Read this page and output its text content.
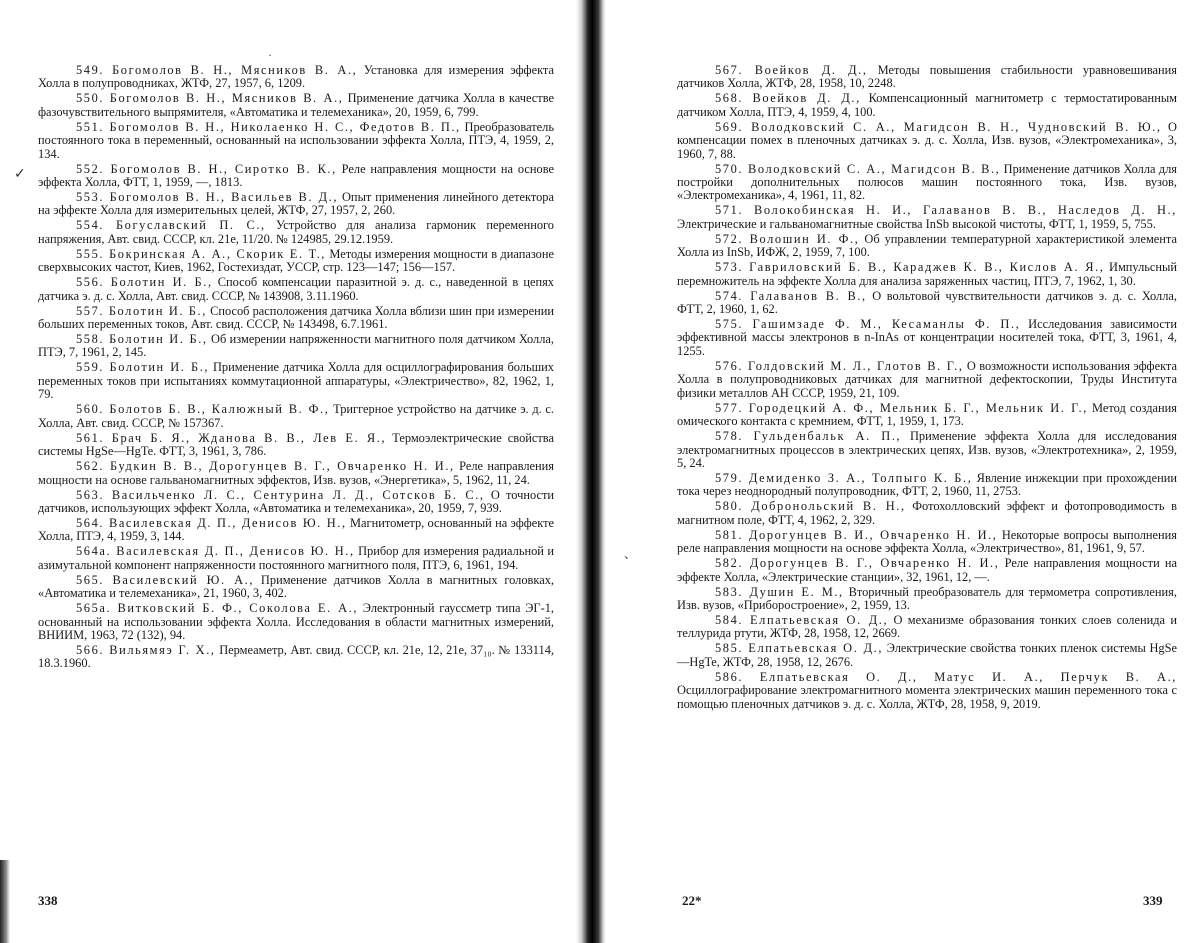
·
✓
、

549. Богомолов В. Н., Мясников В. А., Установка для измерения эффекта Холла в полупроводниках, ЖТФ, 27, 1957, 6, 1209.

550. Богомолов В. Н., Мясников В. А., Применение датчика Холла в качестве фазочувствительного выпрямителя, «Автоматика и телемеханика», 20, 1959, 6, 799.

551. Богомолов В. Н., Николаенко Н. С., Федотов В. П., Преобразователь постоянного тока в переменный, основанный на использовании эффекта Холла, ПТЭ, 4, 1959, 2, 134.

552. Богомолов В. Н., Сиротко В. К., Реле направления мощности на основе эффекта Холла, ФТТ, 1, 1959, —, 1813.

553. Богомолов В. Н., Васильев В. Д., Опыт применения линейного детектора на эффекте Холла для измерительных целей, ЖТФ, 27, 1957, 2, 260.

554. Богуславский П. С., Устройство для анализа гармоник переменного напряжения, Авт. свид. СССР, кл. 21e, 11/20. № 124985, 29.12.1959.

555. Бокринская А. А., Скорик Е. Т., Методы измерения мощности в диапазоне сверхвысоких частот, Киев, 1962, Гостехиздат, УССР, стр. 123—147; 156—157.

556. Болотин И. Б., Способ компенсации паразитной э. д. с., наведенной в цепях датчика э. д. с. Холла, Авт. свид. СССР, № 143908, 3.11.1960.

557. Болотин И. Б., Способ расположения датчика Холла вблизи шин при измерении больших переменных токов, Авт. свид. СССР, № 143498, 6.7.1961.

558. Болотин И. Б., Об измерении напряженности магнитного поля датчиком Холла, ПТЭ, 7, 1961, 2, 145.

559. Болотин И. Б., Применение датчика Холла для осциллографирования больших переменных токов при испытаниях коммутационной аппаратуры, «Электричество», 82, 1962, 1, 79.

560. Болотов Б. В., Калюжный В. Ф., Триггерное устройство на датчике э. д. с. Холла, Авт. свид. СССР, № 157367.

561. Брач Б. Я., Жданова В. В., Лев Е. Я., Термоэлектрические свойства системы HgSe—HgTe. ФТТ, 3, 1961, 3, 786.

562. Будкин В. В., Дорогунцев В. Г., Овчаренко Н. И., Реле направления мощности на основе гальваномагнитных эффектов, Изв. вузов, «Энергетика», 5, 1962, 11, 24.

563. Васильченко Л. С., Сентурина Л. Д., Сотсков Б. С., О точности датчиков, использующих эффект Холла, «Автоматика и телемеханика», 20, 1959, 7, 939.

564. Василевская Д. П., Денисов Ю. Н., Магнитометр, основанный на эффекте Холла, ПТЭ, 4, 1959, 3, 144.

564а. Василевская Д. П., Денисов Ю. Н., Прибор для измерения радиальной и азимутальной компонент напряженности постоянного магнитного поля, ПТЭ, 6, 1961, 194.

565. Василевский Ю. А., Применение датчиков Холла в магнитных головках, «Автоматика и телемеханика», 21, 1960, 3, 402.

565а. Витковский Б. Ф., Соколова Е. А., Электронный гауссметр типа ЭГ-1, основанный на использовании эффекта Холла. Исследования в области магнитных измерений, ВНИИМ, 1963, 72 (132), 94.

566. Вильямяэ Г. Х., Пермеаметр, Авт. свид. СССР, кл. 21e, 12, 21e, 37₁₀. № 133114, 18.3.1960.

567. Воейков Д. Д., Методы повышения стабильности уравновешивания датчиков Холла, ЖТФ, 28, 1958, 10, 2248.

568. Воейков Д. Д., Компенсационный магнитометр с термостатированным датчиком Холла, ПТЭ, 4, 1959, 4, 100.

569. Володковский С. А., Магидсон В. Н., Чудновский В. Ю., О компенсации помех в пленочных датчиках э. д. с. Холла, Изв. вузов, «Электромеханика», 3, 1960, 7, 88.

570. Володковский С. А., Магидсон В. В., Применение датчиков Холла для постройки дополнительных полюсов машин постоянного тока, Изв. вузов, «Электромеханика», 4, 1961, 11, 82.

571. Волокобинская Н. И., Галаванов В. В., Наследов Д. Н., Электрические и гальваномагнитные свойства InSb высокой чистоты, ФТТ, 1, 1959, 5, 755.

572. Волошин И. Ф., Об управлении температурной характеристикой элемента Холла из InSb, ИФЖ, 2, 1959, 7, 100.

573. Гавриловский Б. В., Караджев К. В., Кислов А. Я., Импульсный перемножитель на эффекте Холла для анализа заряженных частиц, ПТЭ, 7, 1962, 1, 30.

574. Галаванов В. В., О вольтовой чувствительности датчиков э. д. с. Холла, ФТТ, 2, 1960, 1, 62.

575. Гашимзаде Ф. М., Кесаманлы Ф. П., Исследования зависимости эффективной массы электронов в n-InAs от концентрации носителей тока, ФТТ, 3, 1961, 4, 1255.

576. Голдовский М. Л., Глотов В. Г., О возможности использования эффекта Холла в полупроводниковых датчиках для магнитной дефектоскопии, Труды Института физики металлов АН СССР, 1959, 21, 109.

577. Городецкий А. Ф., Мельник Б. Г., Мельник И. Г., Метод создания омического контакта с кремнием, ФТТ, 1, 1959, 1, 173.

578. Гульденбальк А. П., Применение эффекта Холла для исследования электромагнитных процессов в электрических цепях, Изв. вузов, «Электротехника», 2, 1959, 5, 24.

579. Демиденко З. А., Толпыго К. Б., Явление инжекции при прохождении тока через неоднородный полупроводник, ФТТ, 2, 1960, 11, 2753.

580. Добронольский В. Н., Фотохолловский эффект и фотопроводимость в магнитном поле, ФТТ, 4, 1962, 2, 329.

581. Дорогунцев В. И., Овчаренко Н. И., Некоторые вопросы выполнения реле направления мощности на основе эффекта Холла, «Электричество», 81, 1961, 9, 57.

582. Дорогунцев В. Г., Овчаренко Н. И., Реле направления мощности на эффекте Холла, «Электрические станции», 32, 1961, 12, —.

583. Душин Е. М., Вторичный преобразователь для термометра сопротивления, Изв. вузов, «Приборостроение», 2, 1959, 13.

584. Елпатьевская О. Д., О механизме образования тонких слоев соленида и теллурида ртути, ЖТФ, 28, 1958, 12, 2669.

585. Елпатьевская О. Д., Электрические свойства тонких пленок системы HgSe—HgTe, ЖТФ, 28, 1958, 12, 2676.

586. Елпатьевская О. Д., Матус И. А., Перчук В. А., Осциллографирование электромагнитного момента электрических машин переменного тока с помощью пленочных датчиков э. д. с. Холла, ЖТФ, 28, 1958, 9, 2019.

338	22*	339
